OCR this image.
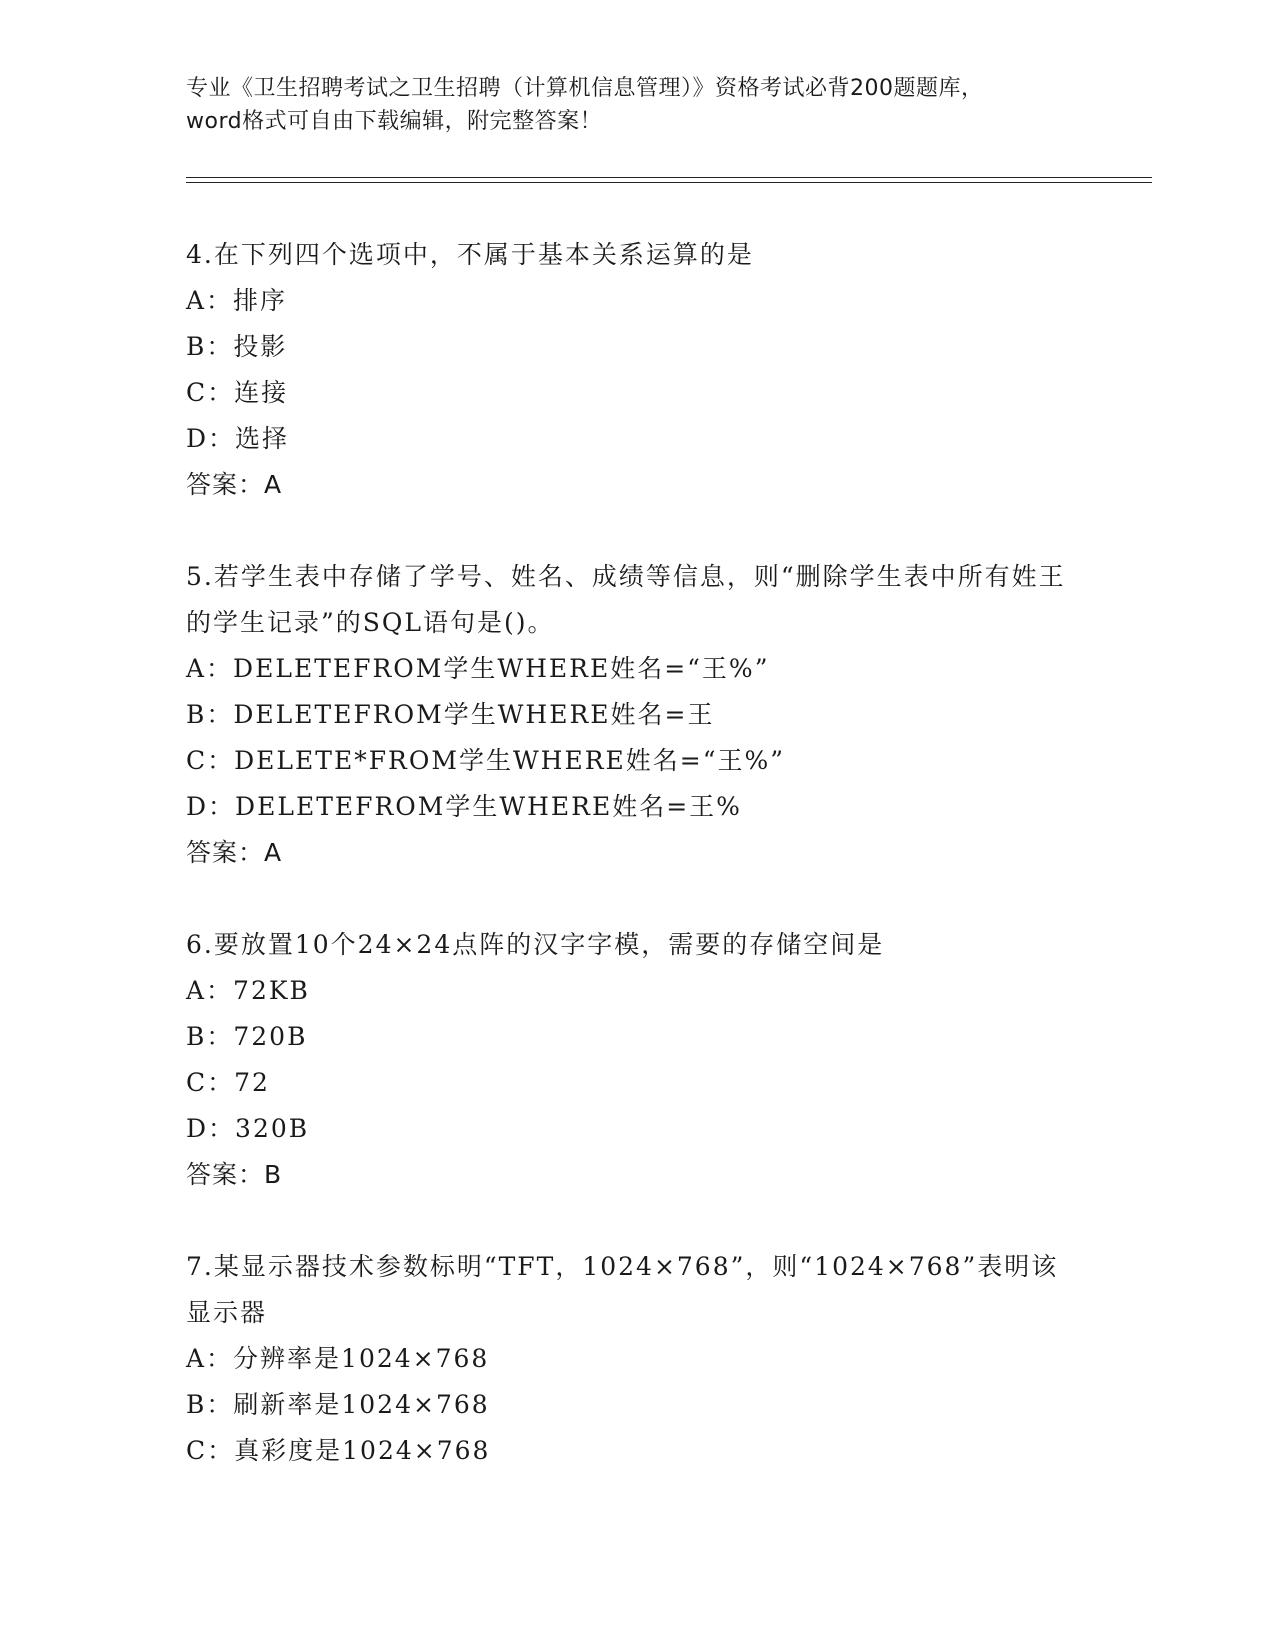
专业《卫生招聘考试之卫生招聘（计算机信息管理）》资格考试必背200题题库，
word格式可自由下载编辑，附完整答案！
4.在下列四个选项中，不属于基本关系运算的是
A：排序
B：投影
C：连接
D：选择
答案：A
5.若学生表中存储了学号、姓名、成绩等信息，则“删除学生表中所有姓王的学生记录”的SQL语句是()。
A：DELETEFROM学生WHERE姓名=“王%”
B：DELETEFROM学生WHERE姓名=王
C：DELETE*FROM学生WHERE姓名=“王%”
D：DELETEFROM学生WHERE姓名=王%
答案：A
6.要放置10个24×24点阵的汉字字模，需要的存储空间是
A：72KB
B：720B
C：72
D：320B
答案：B
7.某显示器技术参数标明“TFT，1024×768”，则“1024×768”表明该显示器
A：分辨率是1024×768
B：刷新率是1024×768
C：真彩度是1024×768
